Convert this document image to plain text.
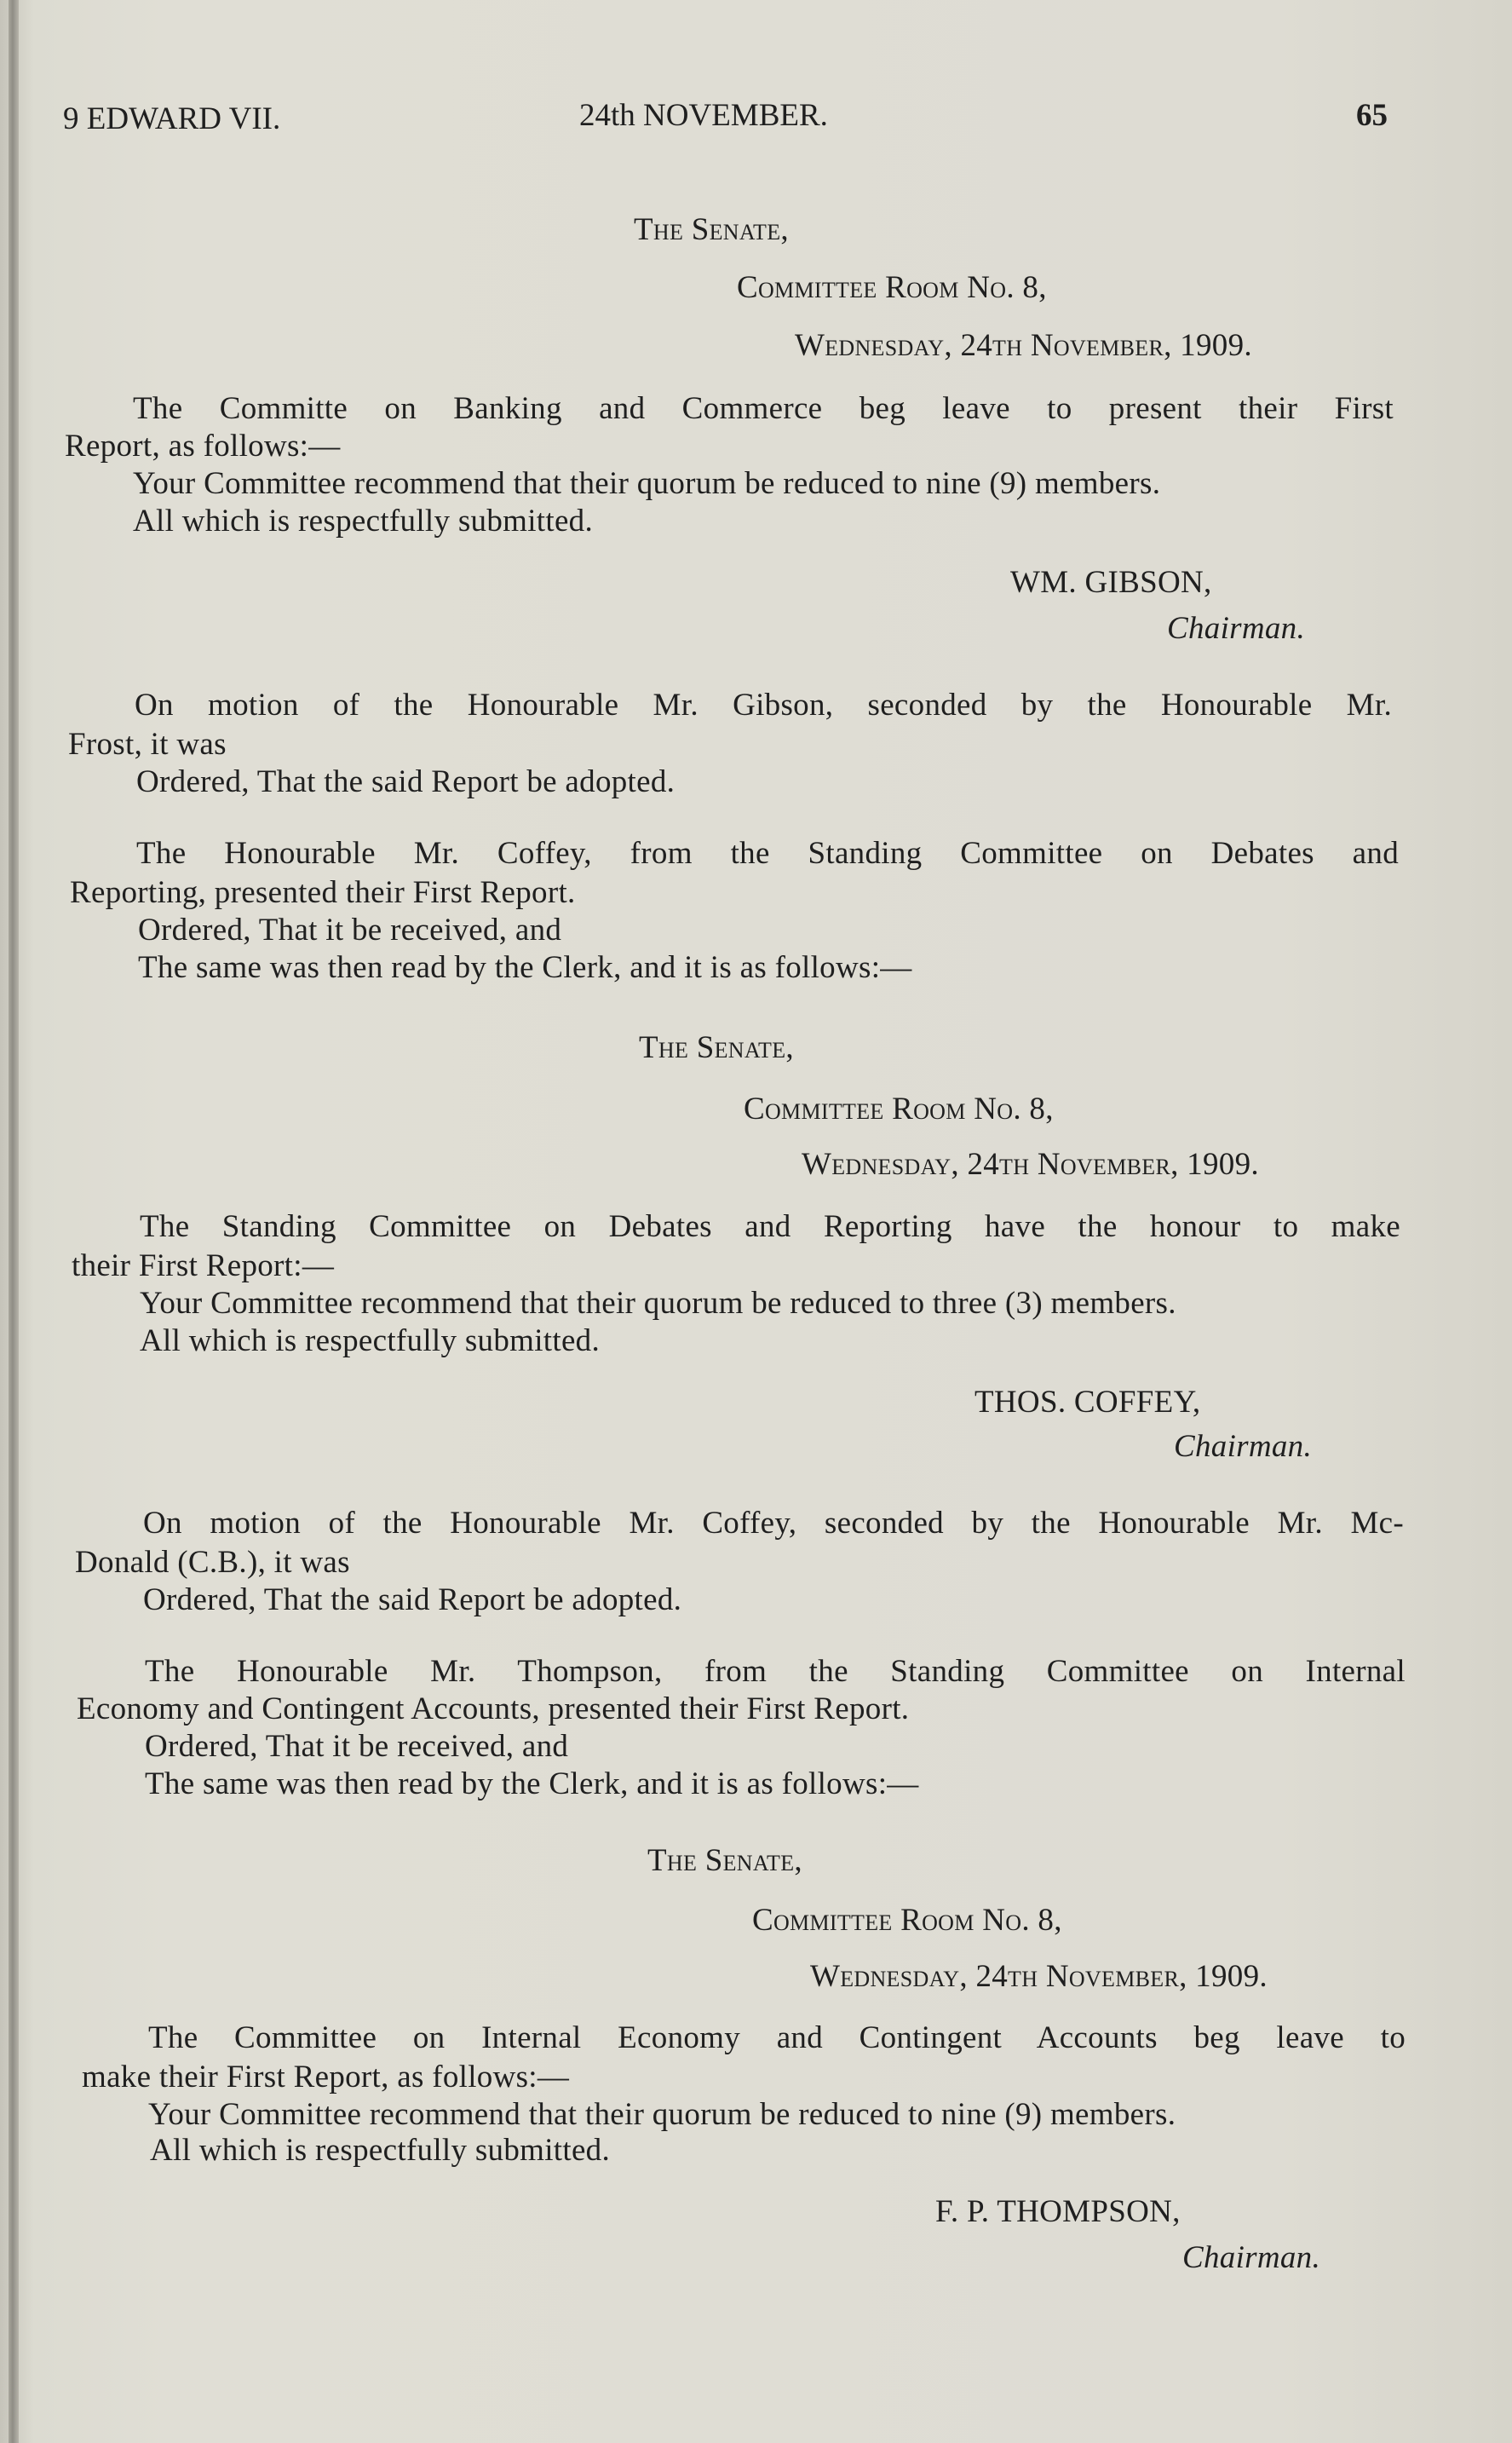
9 EDWARD VII.	24th NOVEMBER.	65
The Senate,
Committee Room No. 8,
Wednesday, 24th November, 1909.
The Committe on Banking and Commerce beg leave to present their First
Report, as follows:—
Your Committee recommend that their quorum be reduced to nine (9) members.
All which is respectfully submitted.
WM. GIBSON,
Chairman.
On motion of the Honourable Mr. Gibson, seconded by the Honourable Mr.
Frost, it was
Ordered, That the said Report be adopted.
The Honourable Mr. Coffey, from the Standing Committee on Debates and
Reporting, presented their First Report.
Ordered, That it be received, and
The same was then read by the Clerk, and it is as follows:—
The Senate,
Committee Room No. 8,
Wednesday, 24th November, 1909.
The Standing Committee on Debates and Reporting have the honour to make
their First Report:—
Your Committee recommend that their quorum be reduced to three (3) members.
All which is respectfully submitted.
THOS. COFFEY,
Chairman.
On motion of the Honourable Mr. Coffey, seconded by the Honourable Mr. Mc-
Donald (C.B.), it was
Ordered, That the said Report be adopted.
The Honourable Mr. Thompson, from the Standing Committee on Internal
Economy and Contingent Accounts, presented their First Report.
Ordered, That it be received, and
The same was then read by the Clerk, and it is as follows:—
The Senate,
Committee Room No. 8,
Wednesday, 24th November, 1909.
The Committee on Internal Economy and Contingent Accounts beg leave to
make their First Report, as follows:—
Your Committee recommend that their quorum be reduced to nine (9) members.
All which is respectfully submitted.
F. P. THOMPSON,
Chairman.
